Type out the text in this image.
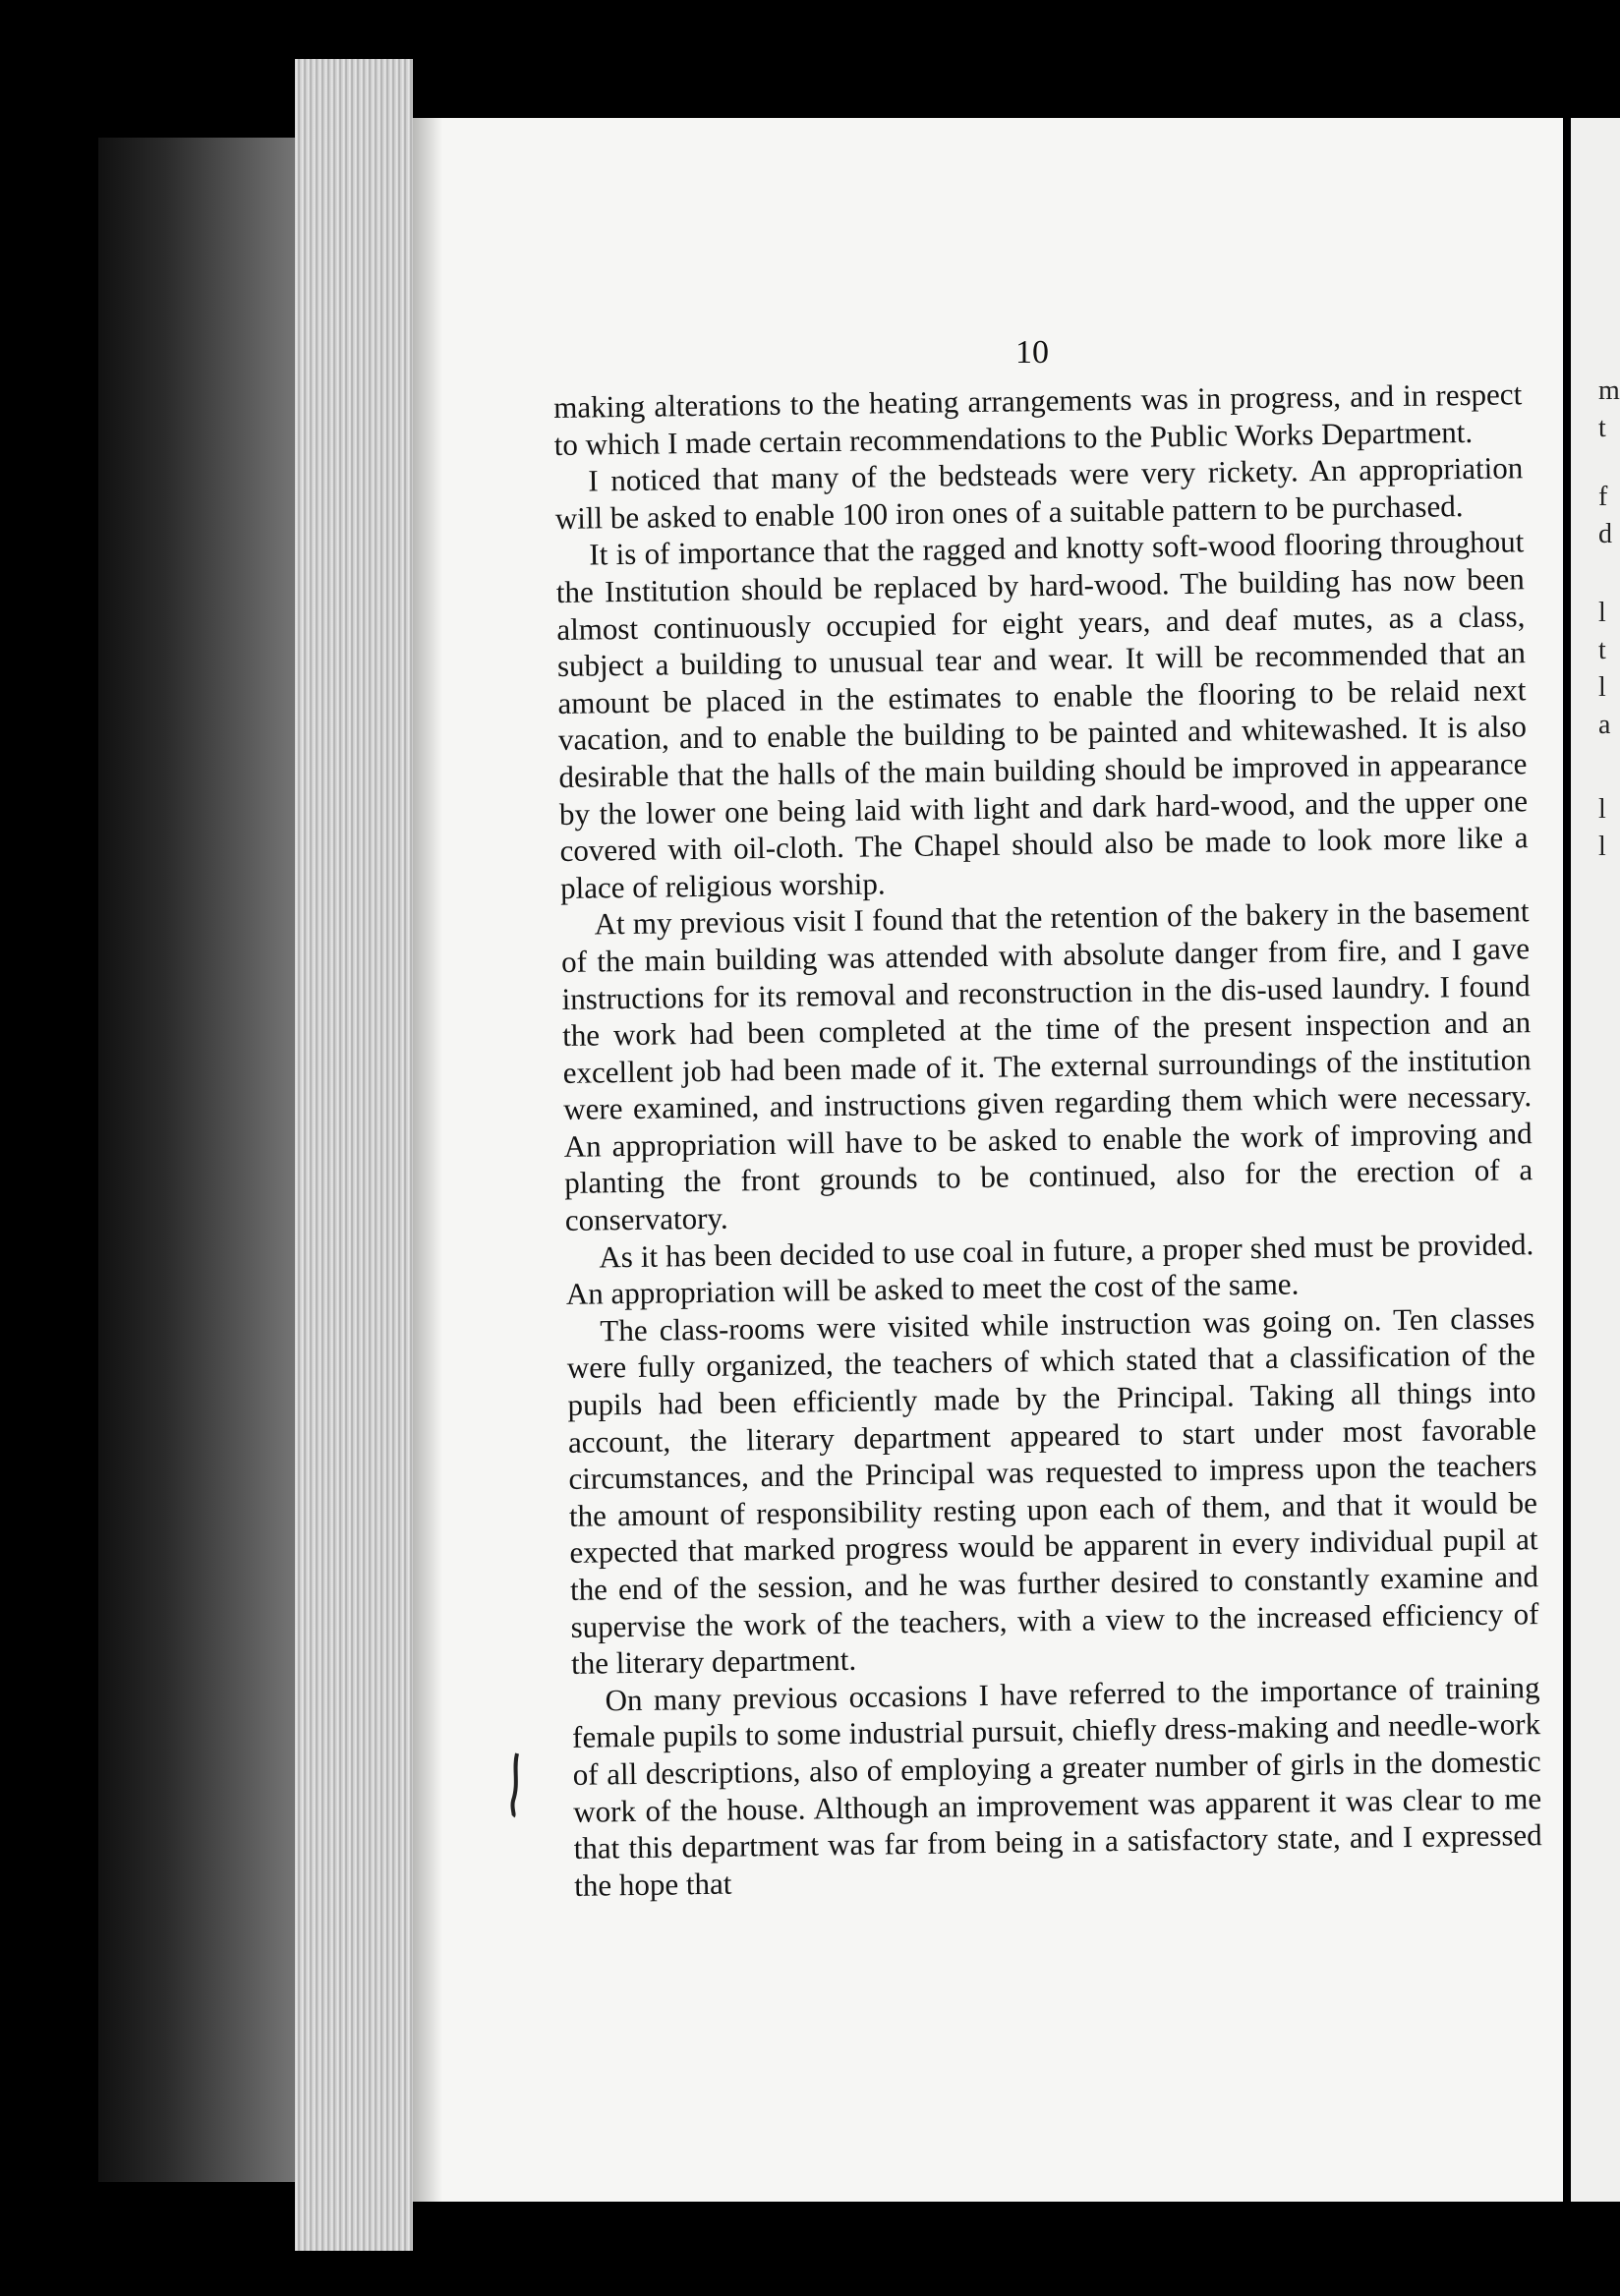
m
t
f
d
l
t
l
a
l
l
10

making alterations to the heating arrangements was in progress, and in respect to which I made certain recommendations to the Public Works Department.

I noticed that many of the bedsteads were very rickety. An appropriation will be asked to enable 100 iron ones of a suitable pattern to be purchased.

It is of importance that the ragged and knotty soft-wood flooring throughout the Institution should be replaced by hard-wood. The building has now been almost continuously occupied for eight years, and deaf mutes, as a class, subject a building to unusual tear and wear. It will be recommended that an amount be placed in the estimates to enable the flooring to be relaid next vacation, and to enable the building to be painted and whitewashed. It is also desirable that the halls of the main building should be improved in appearance by the lower one being laid with light and dark hard-wood, and the upper one covered with oil-cloth. The Chapel should also be made to look more like a place of religious worship.

At my previous visit I found that the retention of the bakery in the basement of the main building was attended with absolute danger from fire, and I gave instructions for its removal and reconstruction in the dis-used laundry. I found the work had been completed at the time of the present inspection and an excellent job had been made of it. The external surroundings of the institution were examined, and instructions given regarding them which were necessary. An appropriation will have to be asked to enable the work of improving and planting the front grounds to be continued, also for the erection of a conservatory.

As it has been decided to use coal in future, a proper shed must be provided. An appropriation will be asked to meet the cost of the same.

The class-rooms were visited while instruction was going on. Ten classes were fully organized, the teachers of which stated that a classification of the pupils had been efficiently made by the Principal. Taking all things into account, the literary department appeared to start under most favorable circumstances, and the Principal was requested to impress upon the teachers the amount of responsibility resting upon each of them, and that it would be expected that marked progress would be apparent in every individual pupil at the end of the session, and he was further desired to constantly examine and supervise the work of the teachers, with a view to the increased efficiency of the literary department.

On many previous occasions I have referred to the importance of training female pupils to some industrial pursuit, chiefly dress-making and needle-work of all descriptions, also of employing a greater number of girls in the domestic work of the house. Although an improvement was apparent it was clear to me that this department was far from being in a satisfactory state, and I expressed the hope that
